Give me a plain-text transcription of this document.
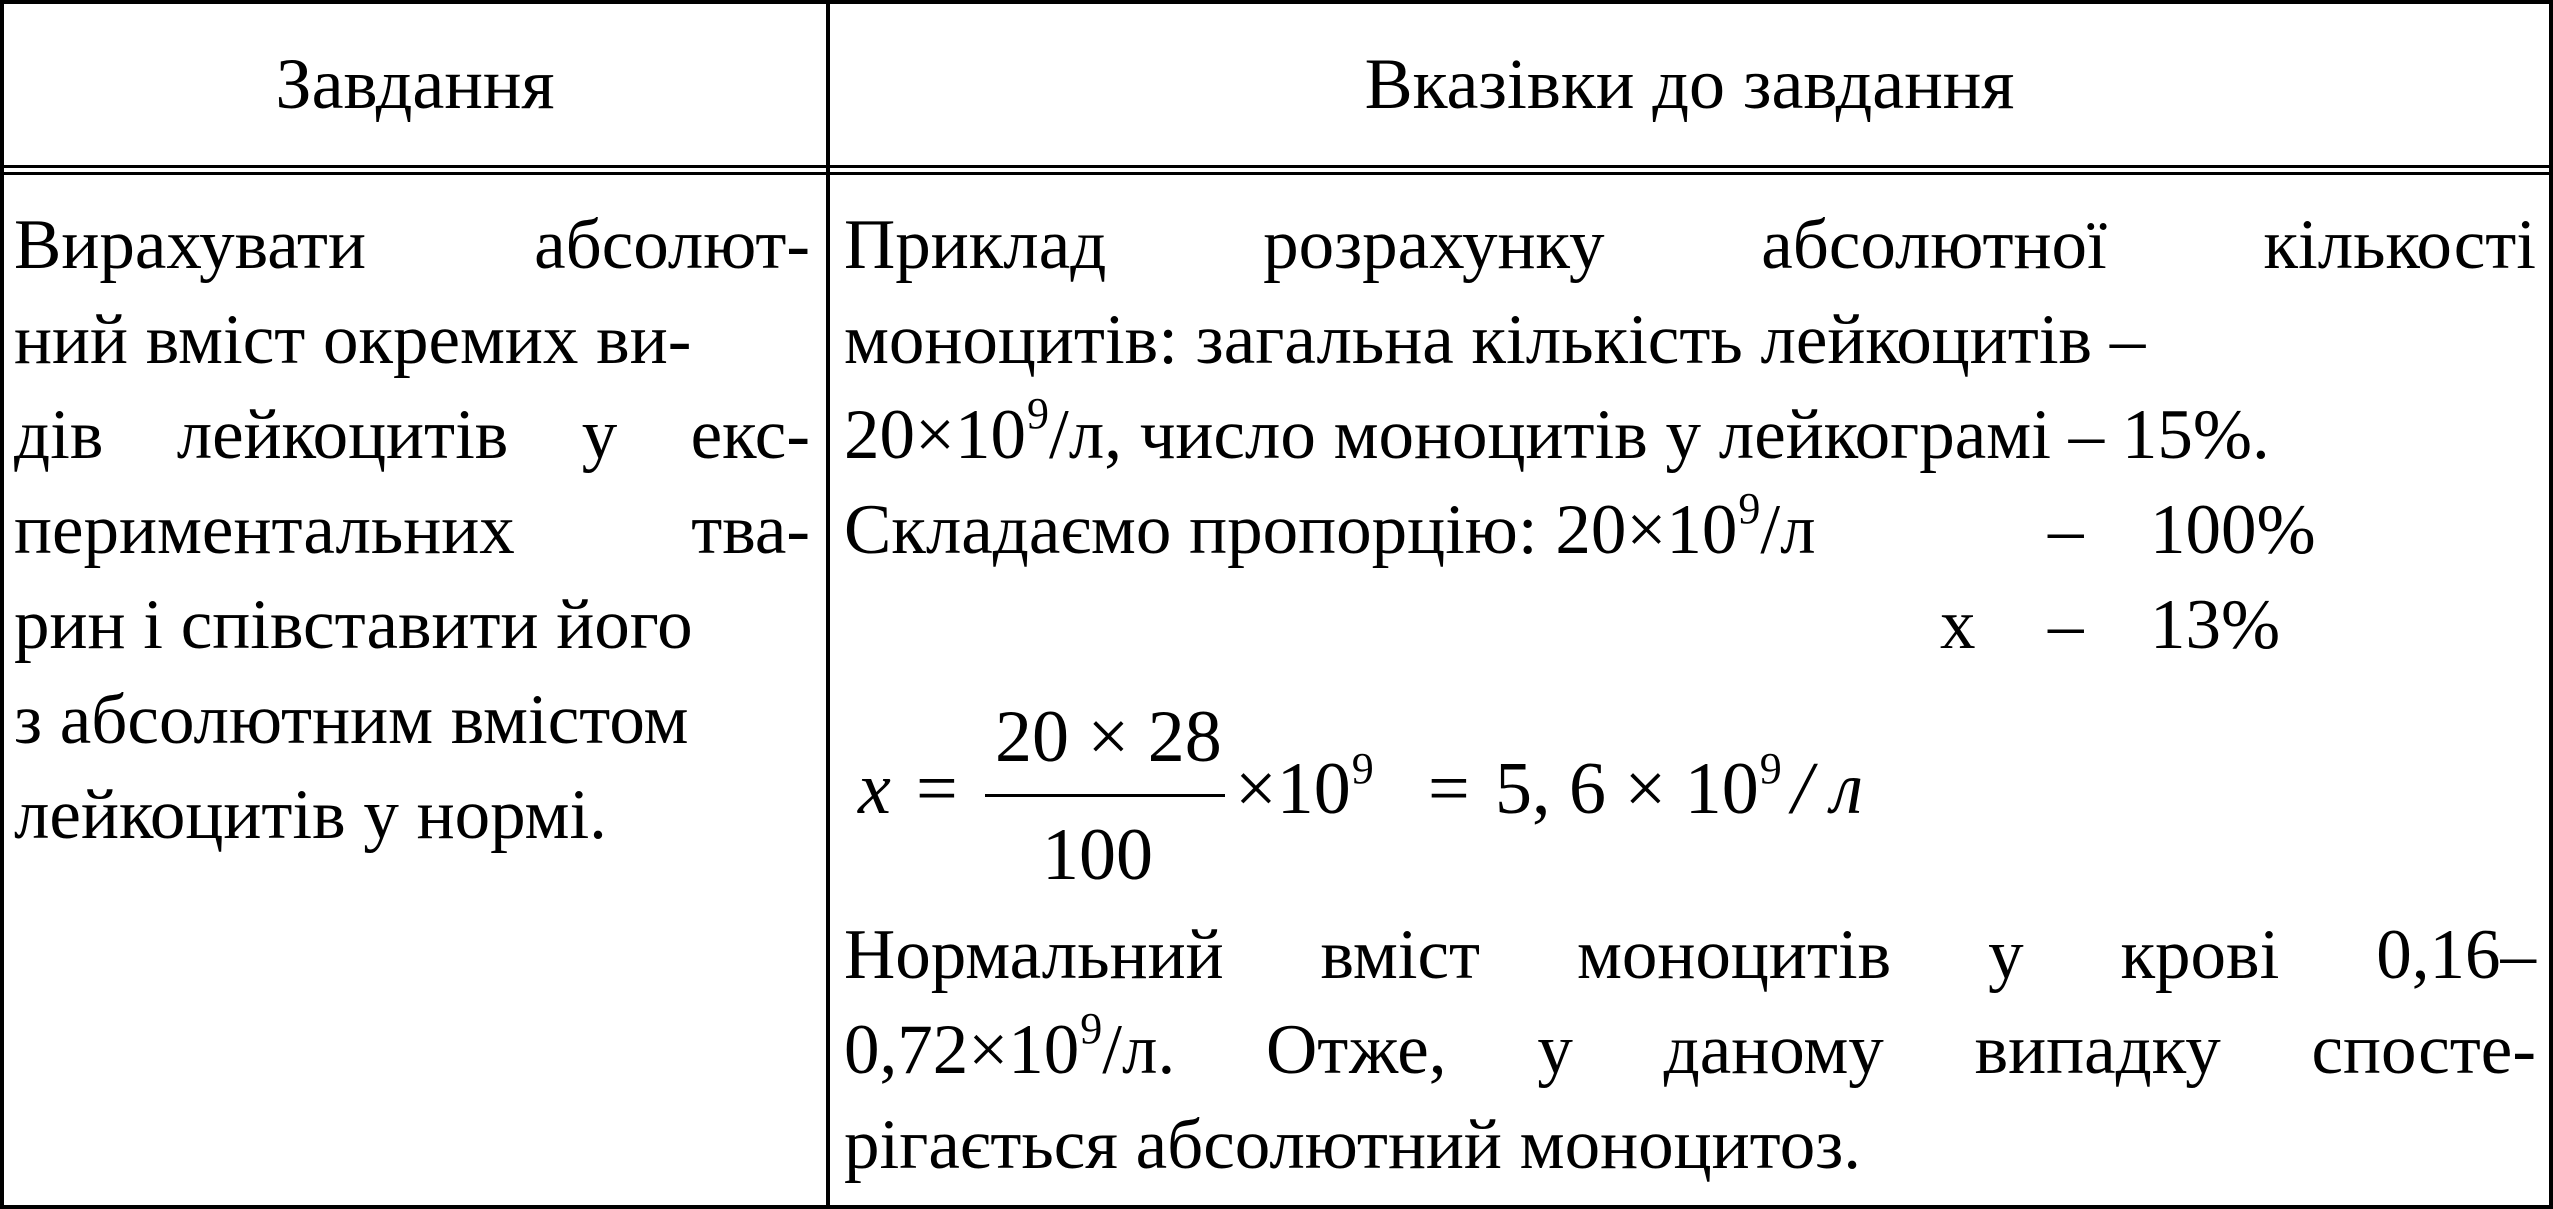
Завдання	Вказівки до завдання
Вирахувати абсолют-
ний вміст окремих ви-
дів лейкоцитів у екс-
периментальних тва-
рин і співставити його
з абсолютним вмістом
лейкоцитів у нормі.
Приклад розрахунку абсолютної кількості
моноцитів: загальна кількість лейкоцитів –
$20\times 10^9/л$, число моноцитів у лейкограмі – 15%.
Складаємо пропорцію: $20\times 10^9/л$	– 100%
х – 13%
x =
20 × 28
100
$\times 10^9 = 5$, $6 \times 10^9 / л$
Нормальний вміст моноцитів у крові 0,16–
$0,72\times 10^9/л$. Отже, у даному випадку спосте-
рігається абсолютний моноцитоз.
